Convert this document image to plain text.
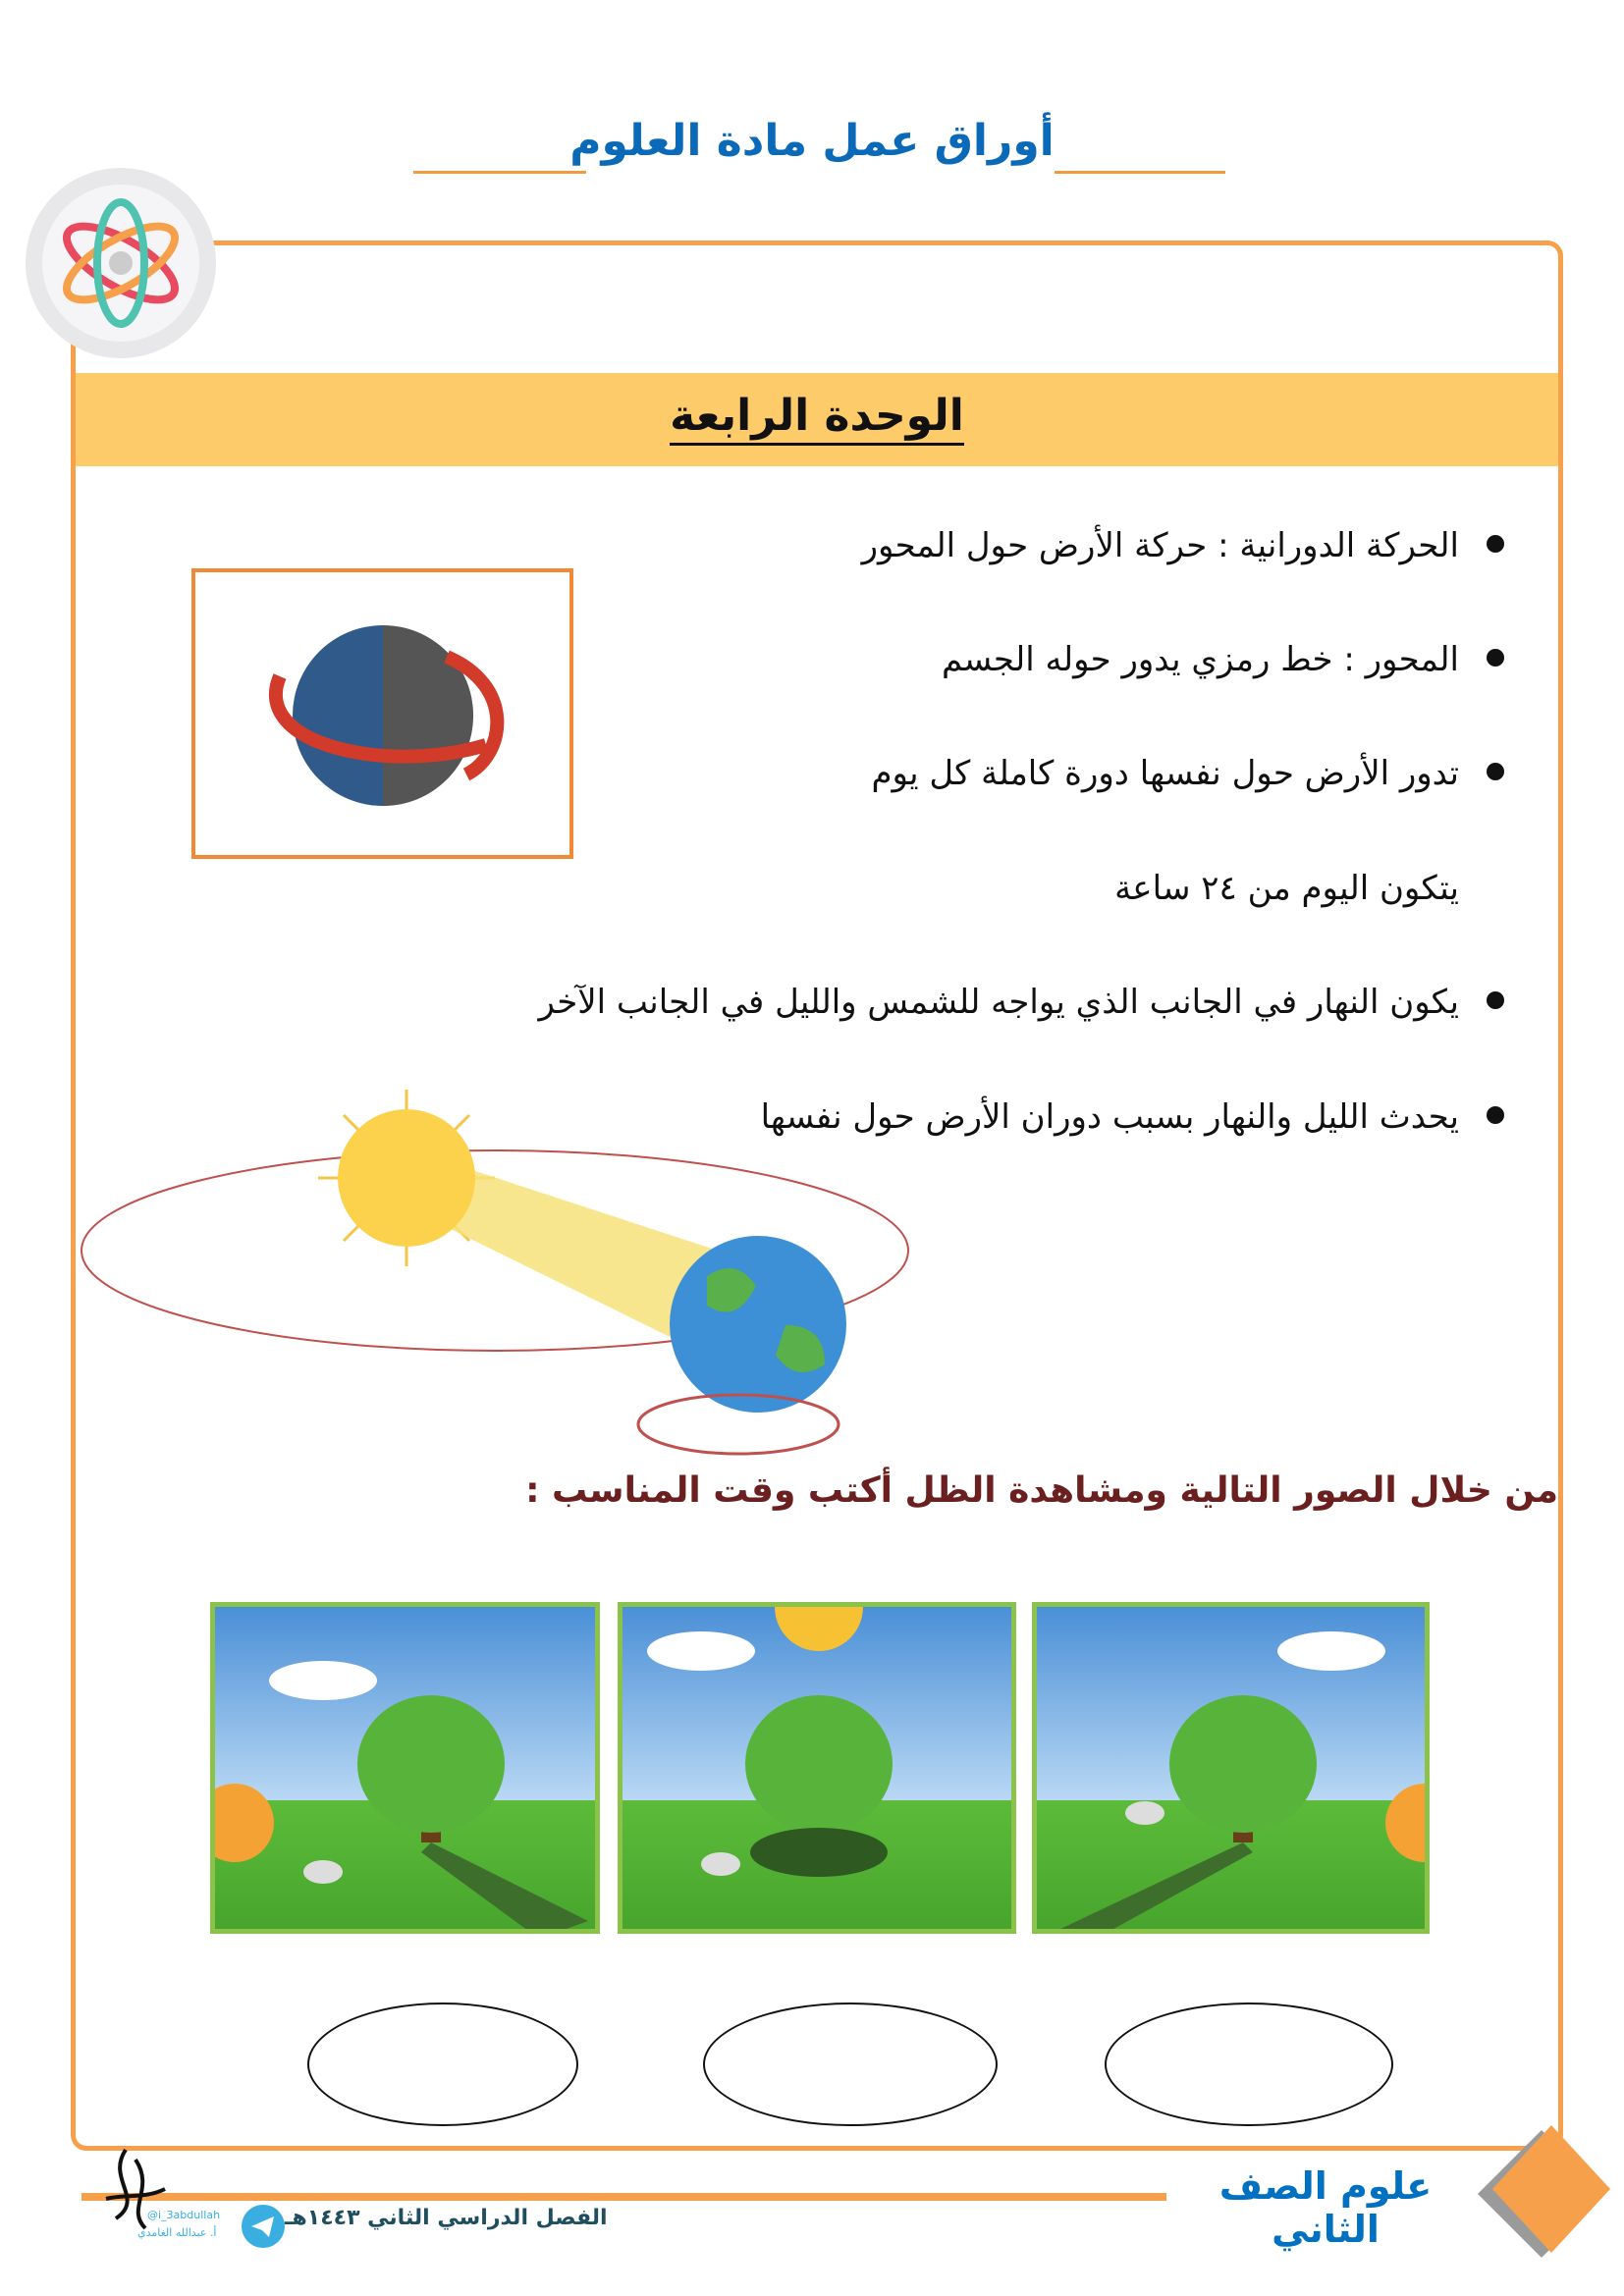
أوراق عمل مادة العلوم
الوحدة الرابعة
الحركة الدورانية : حركة الأرض حول المحور
المحور : خط رمزي يدور حوله الجسم
تدور الأرض حول نفسها دورة كاملة كل يوم
يتكون اليوم من ٢٤ ساعة
يكون النهار في الجانب الذي يواجه للشمس والليل في الجانب الآخر
يحدث الليل والنهار بسبب دوران الأرض حول نفسها
من خلال الصور التالية ومشاهدة الظل أكتب وقت المناسب :
علوم الصف الثاني
الفصل الدراسي الثاني ١٤٤٣هـ
@i_3abdullah
أ. عبدالله الغامدي
